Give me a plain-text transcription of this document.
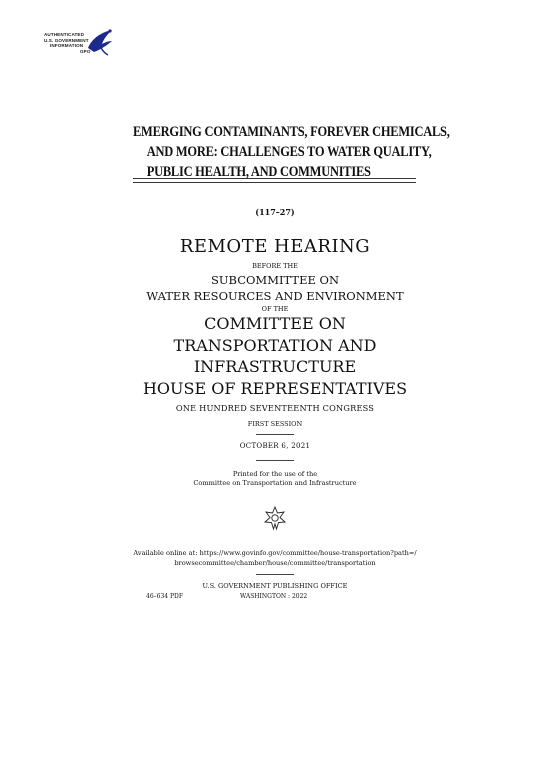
AUTHENTICATED
U.S. GOVERNMENT
INFORMATION
GPO
EMERGING CONTAMINANTS, FOREVER CHEMICALS,
AND MORE: CHALLENGES TO WATER QUALITY,
PUBLIC HEALTH, AND COMMUNITIES
(117–27)
REMOTE HEARING
BEFORE THE
SUBCOMMITTEE ON
WATER RESOURCES AND ENVIRONMENT
OF THE
COMMITTEE ON
TRANSPORTATION AND
INFRASTRUCTURE
HOUSE OF REPRESENTATIVES
ONE HUNDRED SEVENTEENTH CONGRESS
FIRST SESSION
OCTOBER 6, 2021
Printed for the use of the
Committee on Transportation and Infrastructure
Available online at: https://www.govinfo.gov/committee/house-transportation?path=/
browsecommittee/chamber/house/committee/transportation
U.S. GOVERNMENT PUBLISHING OFFICE
46–634 PDF	WASHINGTON : 2022
